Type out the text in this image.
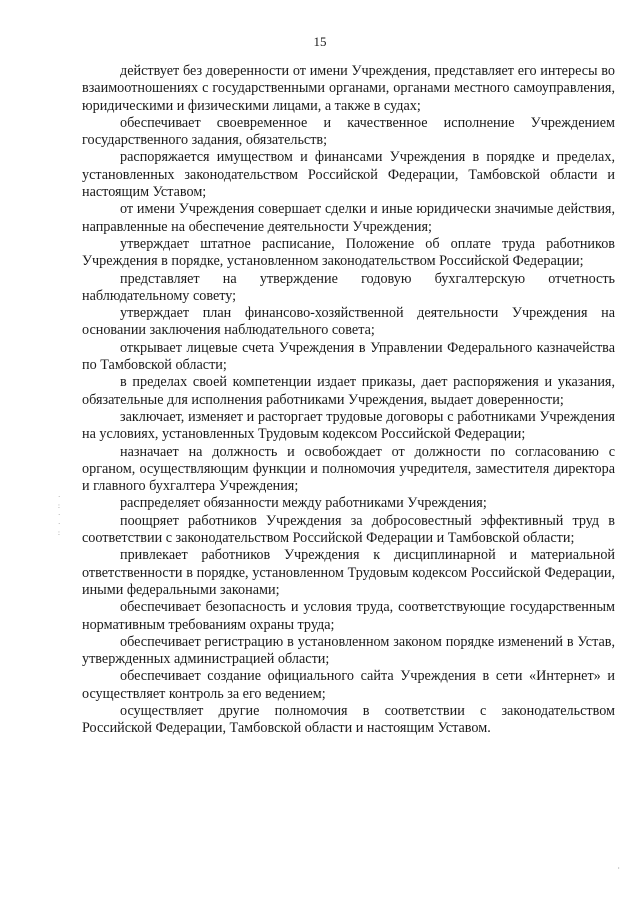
15

действует без доверенности от имени Учреждения, представляет его интересы во взаимоотношениях с государственными органами, органами местного самоуправления, юридическими и физическими лицами, а также в судах;

обеспечивает своевременное и качественное исполнение Учреждением государственного задания, обязательств;

распоряжается имуществом и финансами Учреждения в порядке и пределах, установленных законодательством Российской Федерации, Тамбовской области и настоящим Уставом;

от имени Учреждения совершает сделки и иные юридически значимые действия, направленные на обеспечение деятельности Учреждения;

утверждает штатное расписание, Положение об оплате труда работников Учреждения в порядке, установленном законодательством Российской Федерации;

представляет на утверждение годовую бухгалтерскую отчетность наблюдательному совету;

утверждает план финансово-хозяйственной деятельности Учреждения на основании заключения наблюдательного совета;

открывает лицевые счета Учреждения в Управлении Федерального казначейства по Тамбовской области;

в пределах своей компетенции издает приказы, дает распоряжения и указания, обязательные для исполнения работниками Учреждения, выдает доверенности;

заключает, изменяет и расторгает трудовые договоры с работниками Учреждения на условиях, установленных Трудовым кодексом Российской Федерации;

назначает на должность и освобождает от должности по согласованию с органом, осуществляющим функции и полномочия учредителя, заместителя директора и главного бухгалтера Учреждения;

распределяет обязанности между работниками Учреждения;

поощряет работников Учреждения за добросовестный эффективный труд в соответствии с законодательством Российской Федерации и Тамбовской области;

привлекает работников Учреждения к дисциплинарной и материальной ответственности в порядке, установленном Трудовым кодексом Российской Федерации, иными федеральными законами;

обеспечивает безопасность и условия труда, соответствующие государственным нормативным требованиям охраны труда;

обеспечивает регистрацию в установленном законом порядке изменений в Устав, утвержденных администрацией области;

обеспечивает создание официального сайта Учреждения в сети «Интернет» и осуществляет контроль за его ведением;

осуществляет другие полномочия в соответствии с законодательством Российской Федерации, Тамбовской области и настоящим Уставом.

·
:
·
·
:
·
